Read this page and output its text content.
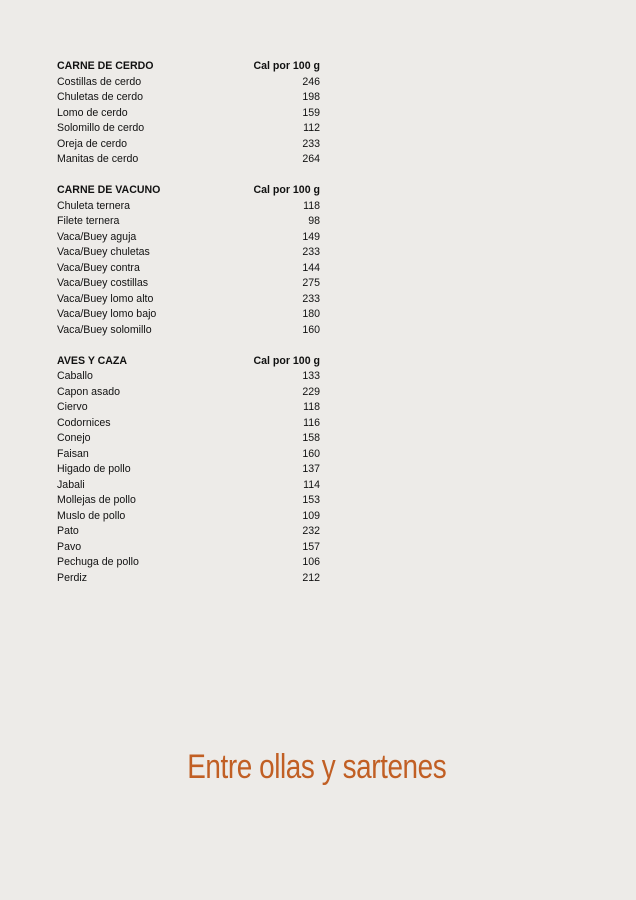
CARNE DE CERDO	Cal por 100 g
Costillas de cerdo	246
Chuletas de cerdo	198
Lomo de cerdo	159
Solomillo de cerdo	112
Oreja de cerdo	233
Manitas de cerdo	264
CARNE DE VACUNO	Cal por 100 g
Chuleta ternera	118
Filete ternera	98
Vaca/Buey aguja	149
Vaca/Buey chuletas	233
Vaca/Buey contra	144
Vaca/Buey costillas	275
Vaca/Buey lomo alto	233
Vaca/Buey lomo bajo	180
Vaca/Buey solomillo	160
AVES Y CAZA	Cal por 100 g
Caballo	133
Capon asado	229
Ciervo	118
Codornices	116
Conejo	158
Faisan	160
Higado de pollo	137
Jabali	114
Mollejas de pollo	153
Muslo de pollo	109
Pato	232
Pavo	157
Pechuga de pollo	106
Perdiz	212
Entre ollas y sartenes
